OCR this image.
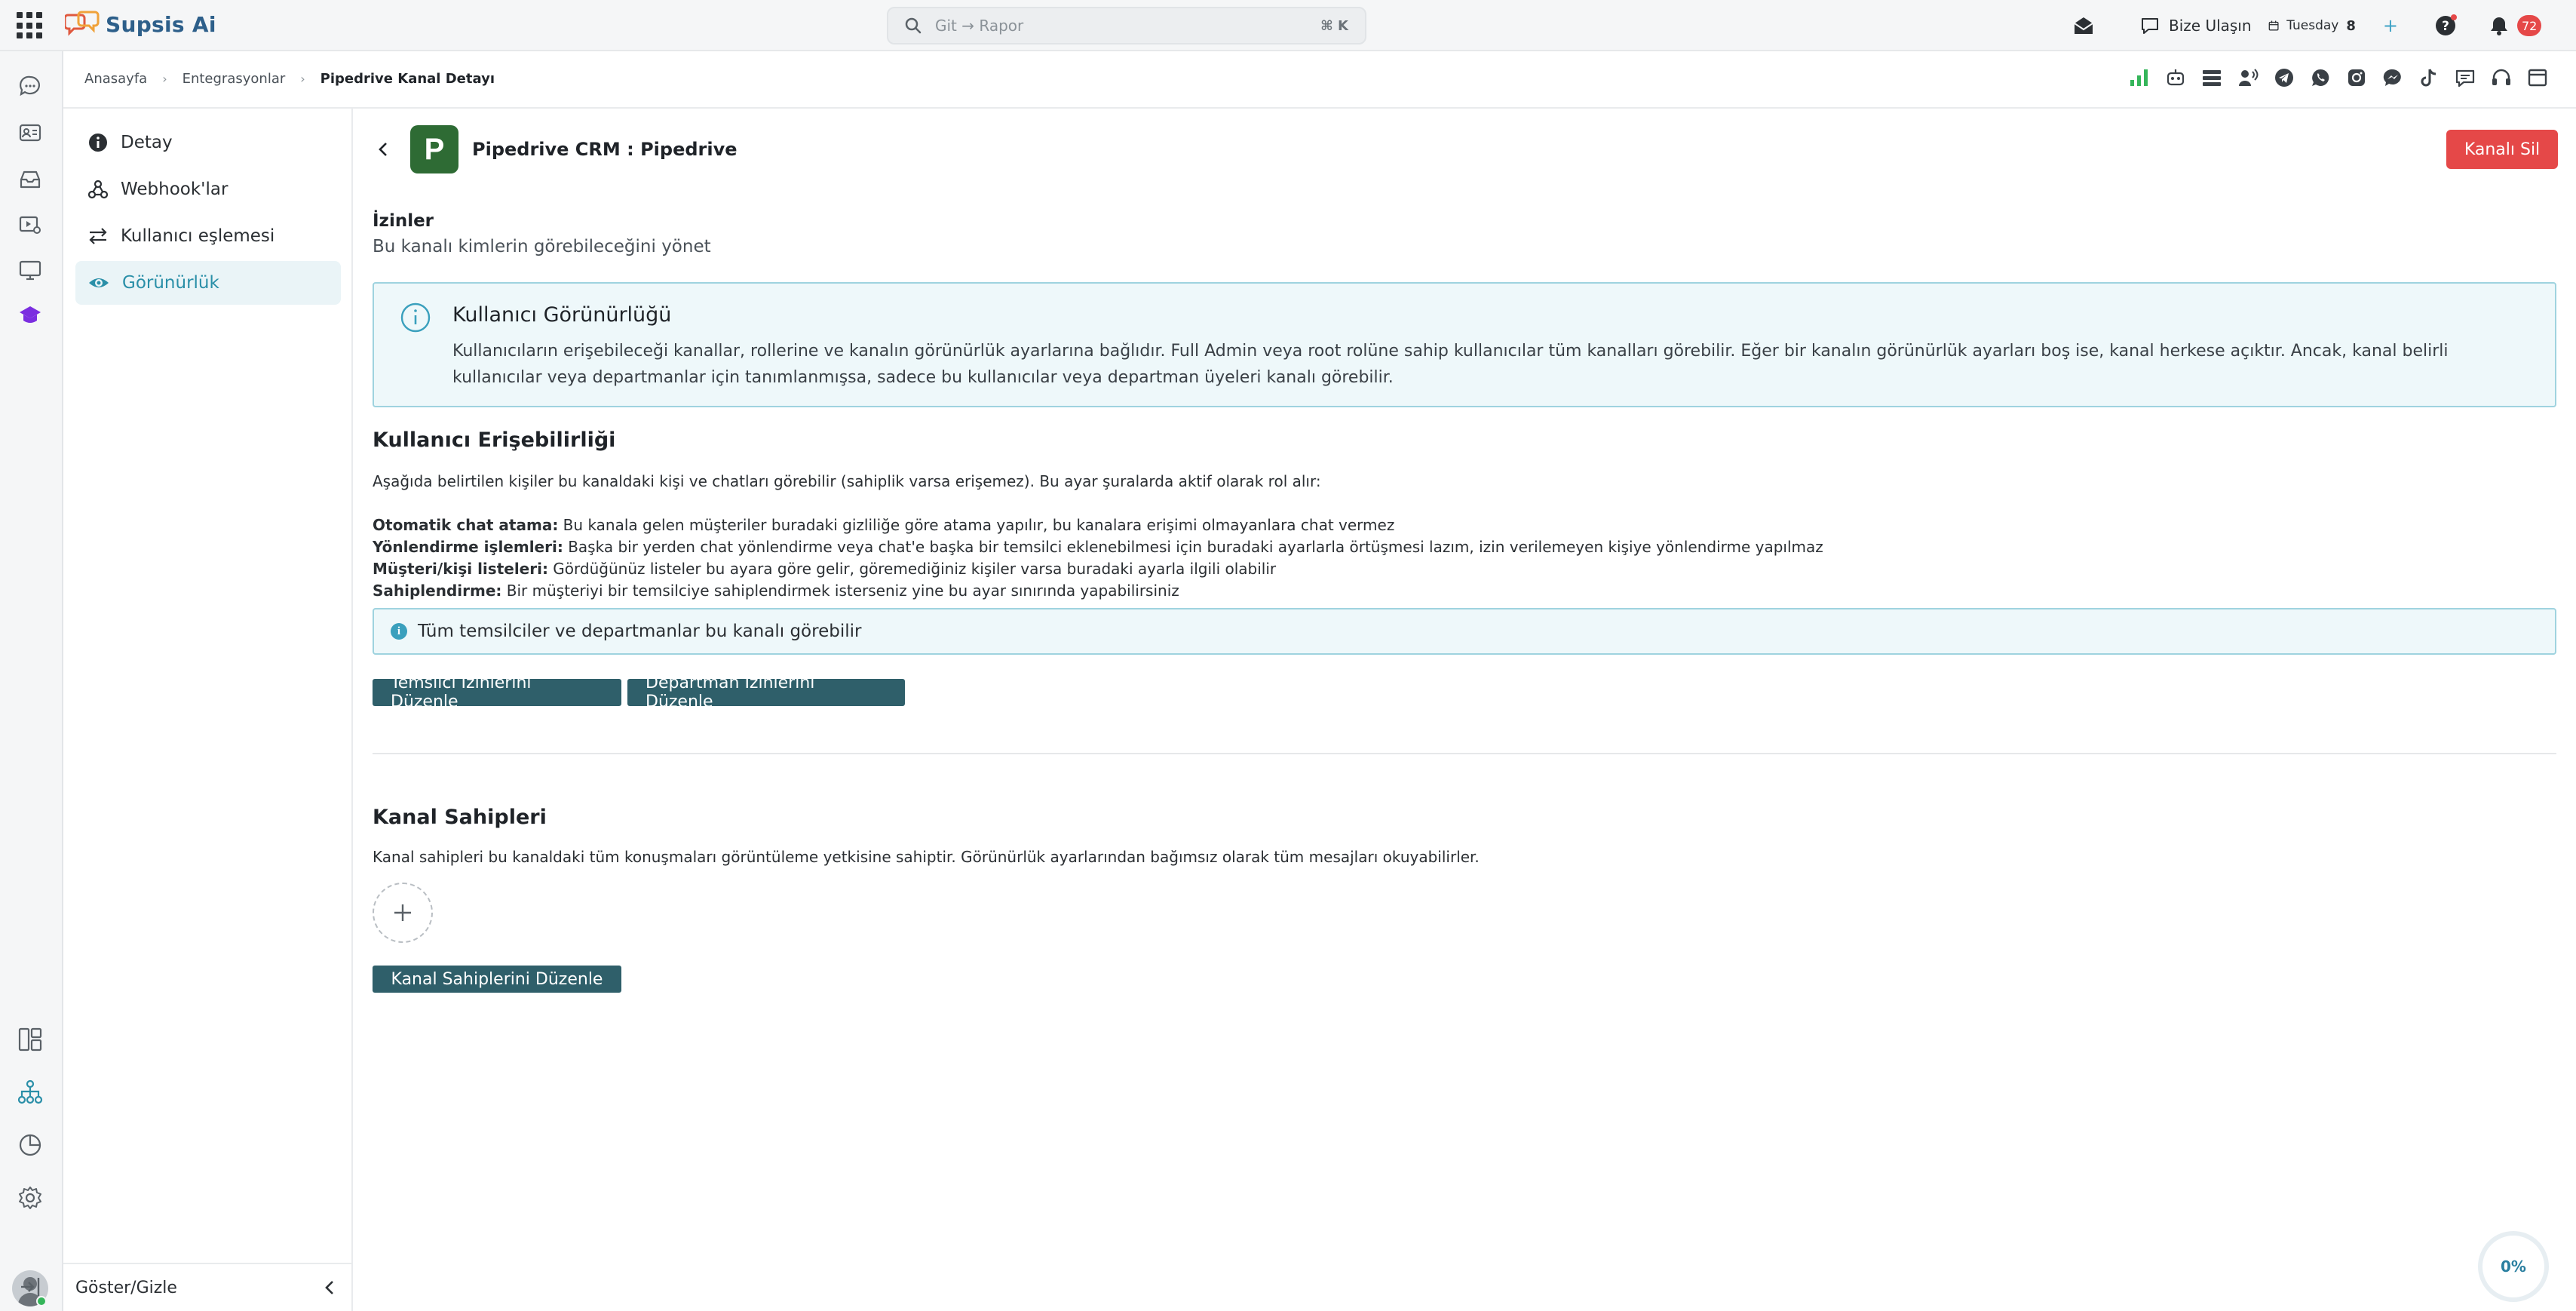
Supsis Ai	Git → Rapor	⌘ K	Bize Ulaşın	Tuesday 8 +	?	72
Anasayfa › Entegrasyonlar › Pipedrive Kanal Detayı
Detay
Webhook'lar
Kullanıcı eşlemesi
Görünürlük
Göster/Gizle
P	Pipedrive CRM : Pipedrive	Kanalı Sil
İzinler
Bu kanalı kimlerin görebileceğini yönet
Kullanıcı Görünürlüğü
Kullanıcıların erişebileceği kanallar, rollerine ve kanalın görünürlük ayarlarına bağlıdır. Full Admin veya root rolüne sahip kullanıcılar tüm kanalları görebilir. Eğer bir kanalın görünürlük ayarları boş ise, kanal herkese açıktır. Ancak, kanal belirli kullanıcılar veya departmanlar için tanımlanmışsa, sadece bu kullanıcılar veya departman üyeleri kanalı görebilir.
Kullanıcı Erişebilirliği
Aşağıda belirtilen kişiler bu kanaldaki kişi ve chatları görebilir (sahiplik varsa erişemez). Bu ayar şuralarda aktif olarak rol alır:
Otomatik chat atama: Bu kanala gelen müşteriler buradaki gizliliğe göre atama yapılır, bu kanalara erişimi olmayanlara chat vermez
Yönlendirme işlemleri: Başka bir yerden chat yönlendirme veya chat'e başka bir temsilci eklenebilmesi için buradaki ayarlarla örtüşmesi lazım, izin verilemeyen kişiye yönlendirme yapılmaz
Müşteri/kişi listeleri: Gördüğünüz listeler bu ayara göre gelir, göremediğiniz kişiler varsa buradaki ayarla ilgili olabilir
Sahiplendirme: Bir müşteriyi bir temsilciye sahiplendirmek isterseniz yine bu ayar sınırında yapabilirsiniz
i Tüm temsilciler ve departmanlar bu kanalı görebilir
Temsilci İzinlerini Düzenle
Departman İzinlerini Düzenle
Kanal Sahipleri
Kanal sahipleri bu kanaldaki tüm konuşmaları görüntüleme yetkisine sahiptir. Görünürlük ayarlarından bağımsız olarak tüm mesajları okuyabilirler.
Kanal Sahiplerini Düzenle
0%
